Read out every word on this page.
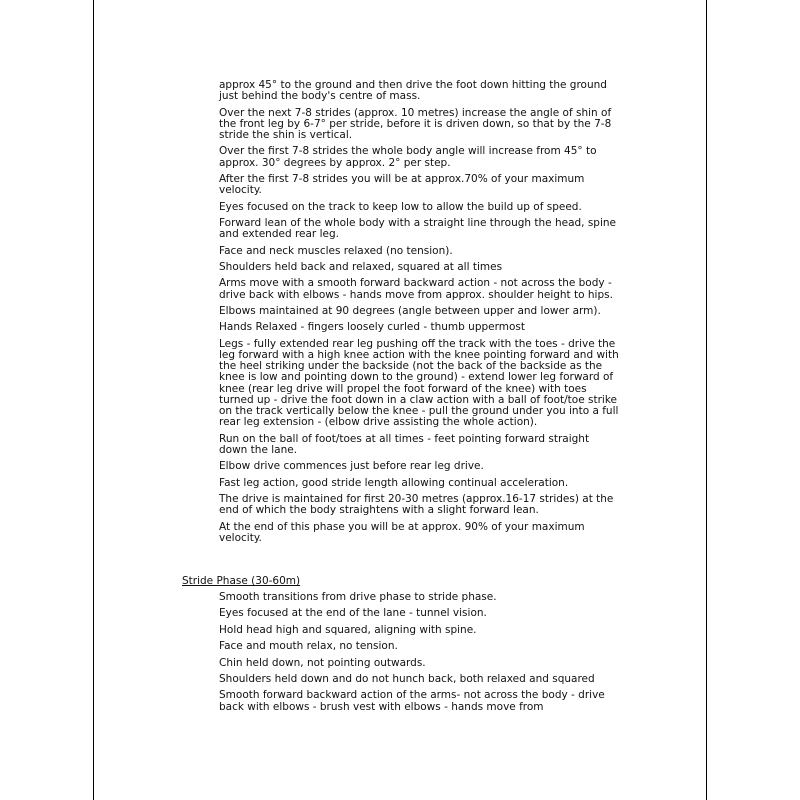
approx 45° to the ground and then drive the foot down hitting the ground just behind the body's centre of mass.
Over the next 7-8 strides (approx. 10 metres) increase the angle of shin of the front leg by 6-7° per stride, before it is driven down, so that by the 7-8 stride the shin is vertical.
Over the first 7-8 strides the whole body angle will increase from 45° to approx. 30° degrees by approx. 2° per step.
After the first 7-8 strides you will be at approx.70% of your maximum velocity.
Eyes focused on the track to keep low to allow the build up of speed.
Forward lean of the whole body with a straight line through the head, spine and extended rear leg.
Face and neck muscles relaxed (no tension).
Shoulders held back and relaxed, squared at all times
Arms move with a smooth forward backward action - not across the body - drive back with elbows - hands move from approx. shoulder height to hips.
Elbows maintained at 90 degrees (angle between upper and lower arm).
Hands Relaxed - fingers loosely curled - thumb uppermost
Legs - fully extended rear leg pushing off the track with the toes - drive the leg forward with a high knee action with the knee pointing forward and with the heel striking under the backside (not the back of the backside as the knee is low and pointing down to the ground) - extend lower leg forward of knee (rear leg drive will propel the foot forward of the knee) with toes turned up - drive the foot down in a claw action with a ball of foot/toe strike on the track vertically below the knee - pull the ground under you into a full rear leg extension - (elbow drive assisting the whole action).
Run on the ball of foot/toes at all times - feet pointing forward straight down the lane.
Elbow drive commences just before rear leg drive.
Fast leg action, good stride length allowing continual acceleration.
The drive is maintained for first 20-30 metres (approx.16-17 strides) at the end of which the body straightens with a slight forward lean.
At the end of this phase you will be at approx. 90% of your maximum velocity.
Stride Phase (30-60m)
Smooth transitions from drive phase to stride phase.
Eyes focused at the end of the lane - tunnel vision.
Hold head high and squared, aligning with spine.
Face and mouth relax, no tension.
Chin held down, not pointing outwards.
Shoulders held down and do not hunch back, both relaxed and squared
Smooth forward backward action of the arms- not across the body - drive back with elbows - brush vest with elbows - hands move from
